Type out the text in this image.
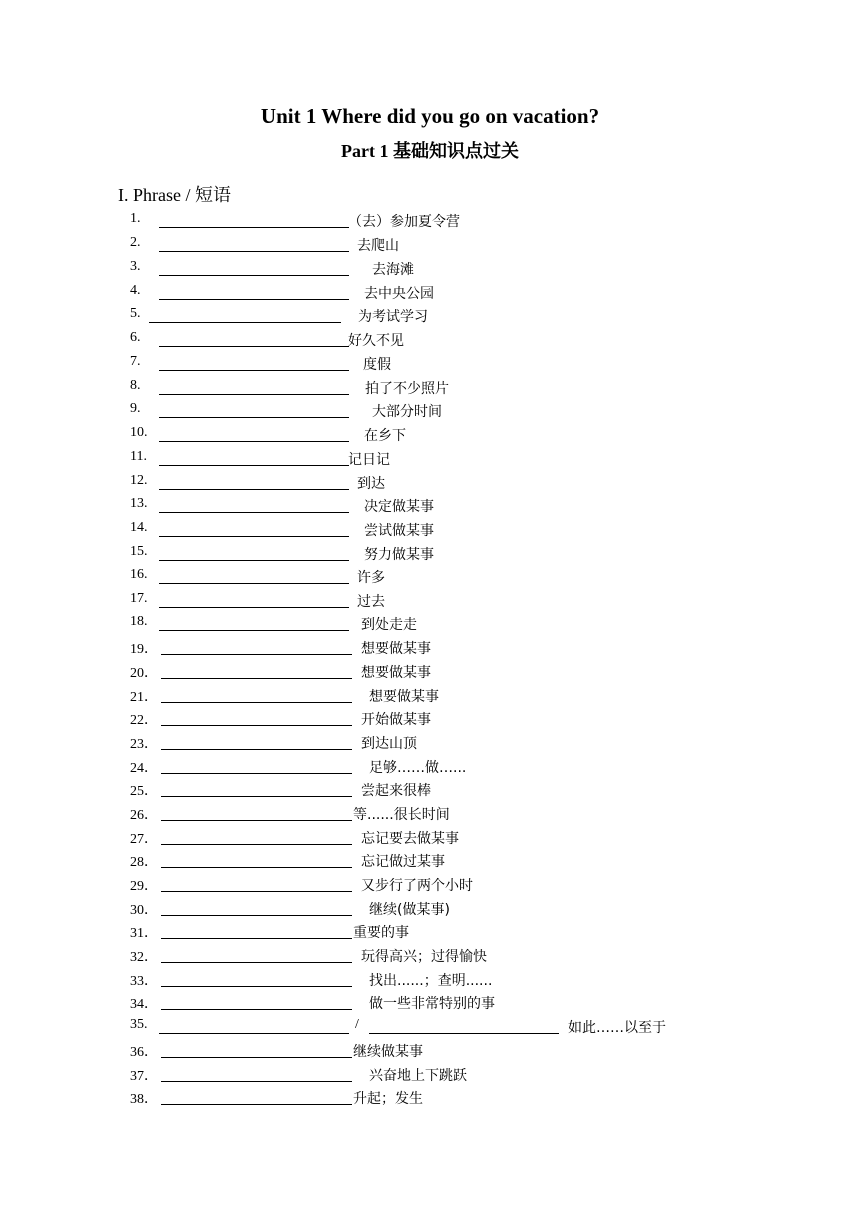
Unit 1 Where did you go on vacation?
Part 1 基础知识点过关
I. Phrase / 短语
1.	（去）参加夏令营
2.	去爬山
3.	去海滩
4.	去中央公园
5.	为考试学习
6.	好久不见
7.	度假
8.	拍了不少照片
9.	大部分时间
10.	在乡下
11.	记日记
12.	到达
13.	决定做某事
14.	尝试做某事
15.	努力做某事
16.	许多
17.	过去
18.	到处走走
19．	想要做某事
20．	想要做某事
21．	想要做某事
22．	开始做某事
23．	到达山顶
24．	足够……做…...
25．	尝起来很棒
26．	等......很长时间
27．	忘记要去做某事
28．	忘记做过某事
29．	又步行了两个小时
30．	继续(做某事)
31．	重要的事
32．	玩得高兴；过得愉快
33．	找出......；查明......
34．	做一些非常特别的事
35.	/	如此……以至于
36．	继续做某事
37．	兴奋地上下跳跃
38．	升起；发生
